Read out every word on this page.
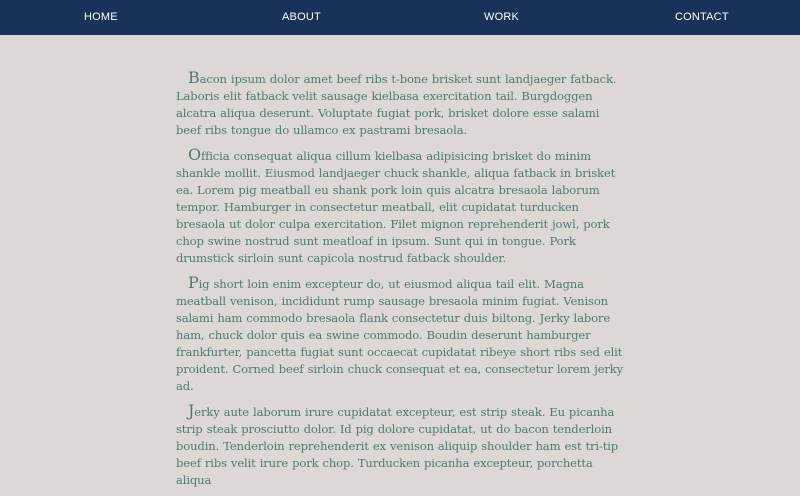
HOME	ABOUT	WORK	CONTACT

Bacon ipsum dolor amet beef ribs t-bone brisket sunt landjaeger fatback. Laboris elit fatback velit sausage kielbasa exercitation tail. Burgdoggen alcatra aliqua deserunt. Voluptate fugiat pork, brisket dolore esse salami beef ribs tongue do ullamco ex pastrami bresaola.

Officia consequat aliqua cillum kielbasa adipisicing brisket do minim shankle mollit. Eiusmod landjaeger chuck shankle, aliqua fatback in brisket ea. Lorem pig meatball eu shank pork loin quis alcatra bresaola laborum tempor. Hamburger in consectetur meatball, elit cupidatat turducken bresaola ut dolor culpa exercitation. Filet mignon reprehenderit jowl, pork chop swine nostrud sunt meatloaf in ipsum. Sunt qui in tongue. Pork drumstick sirloin sunt capicola nostrud fatback shoulder.

Pig short loin enim excepteur do, ut eiusmod aliqua tail elit. Magna meatball venison, incididunt rump sausage bresaola minim fugiat. Venison salami ham commodo bresaola flank consectetur duis biltong. Jerky labore ham, chuck dolor quis ea swine commodo. Boudin deserunt hamburger frankfurter, pancetta fugiat sunt occaecat cupidatat ribeye short ribs sed elit proident. Corned beef sirloin chuck consequat et ea, consectetur lorem jerky ad.

Jerky aute laborum irure cupidatat excepteur, est strip steak. Eu picanha strip steak prosciutto dolor. Id pig dolore cupidatat, ut do bacon tenderloin boudin. Tenderloin reprehenderit ex venison aliquip shoulder ham est tri-tip beef ribs velit irure pork chop. Turducken picanha excepteur, porchetta aliqua
